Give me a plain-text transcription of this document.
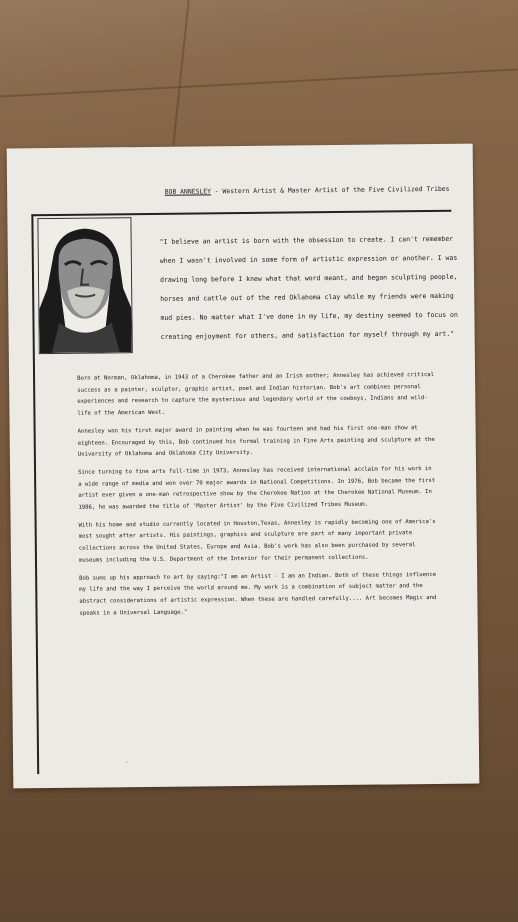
BOB ANNESLEY - Western Artist & Master Artist of the Five Civilized Tribes

"I believe an artist is born with the obsession to create. I can't remember when I wasn't involved in some form of artistic expression or another. I was drawing long before I knew what that word meant, and began sculpting people, horses and cattle out of the red Oklahoma clay while my friends were making mud pies. No matter what I've done in my life, my destiny seemed to focus on creating enjoyment for others, and satisfaction for myself through my art."

Born at Norman, Oklahoma, in 1943 of a Cherokee father and an Irish mother; Annesley has achieved critical success as a painter, sculptor, graphic artist, poet and Indian historian. Bob's art combines personal experiences and research to capture the mysterious and legendary world of the cowboys, Indians and wild-life of the American West.

Annesley won his first major award in painting when he was fourteen and had his first one-man show at eighteen. Encouraged by this, Bob continued his formal training in Fine Arts painting and sculpture at the University of Oklahoma and Oklahoma City University.

Since turning to fine arts full-time in 1973, Annesley has received international acclaim for his work in a wide range of media and won over 70 major awards in National Competitions. In 1976, Bob became the first artist ever given a one-man retrospective show by the Cherokee Nation at the Cherokee National Museum. In 1986, he was awarded the title of 'Master Artist' by the Five Civilized Tribes Museum.

With his home and studio currently located in Houston,Texas, Annesley is rapidly becoming one of America's most sought after artists. His paintings, graphics and sculpture are part of many important private collections across the United States, Europe and Asia. Bob's work has also been purchased by several museums including the U.S. Department of the Interior for their permanent collections.

Bob sums up his approach to art by saying:"I am an Artist - I am an Indian. Both of these things influence my life and the way I perceive the world around me. My work is a combination of subject matter and the abstract considerations of artistic expression. When these are handled carefully.... Art becomes Magic and speaks in a Universal Language."

·
